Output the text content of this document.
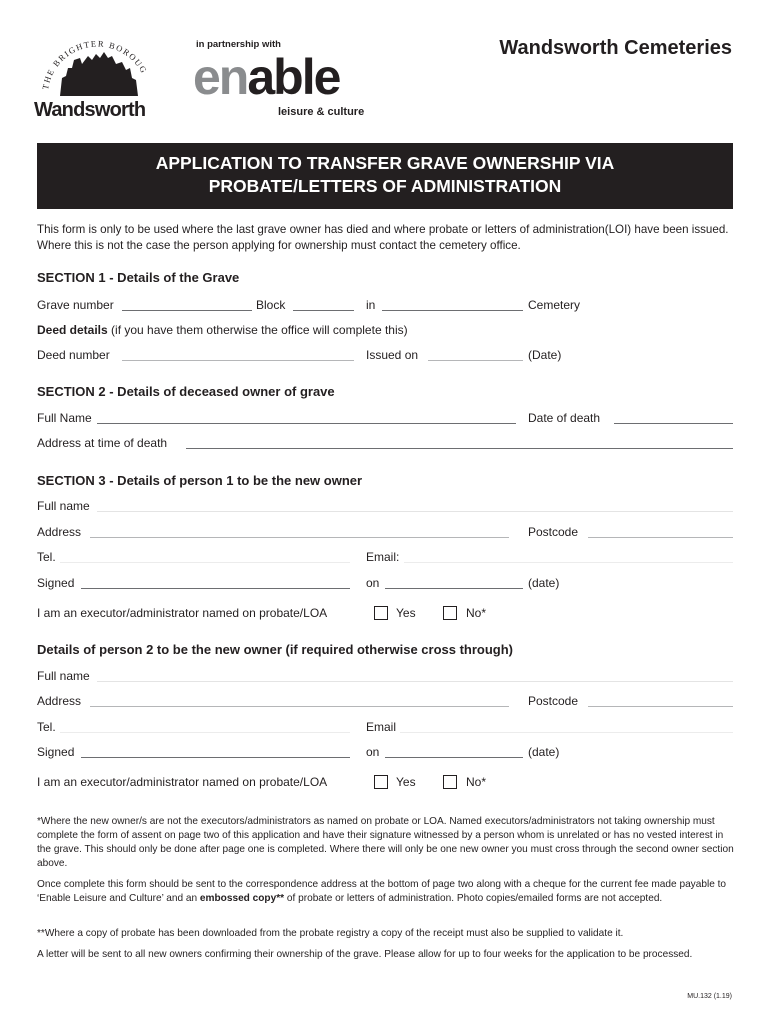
THE BRIGHTER BOROUG
Wandsworth
in partnership with
enable
leisure & culture
Wandsworth Cemeteries
APPLICATION TO TRANSFER GRAVE OWNERSHIP VIA
PROBATE/LETTERS OF ADMINISTRATION
This form is only to be used where the last grave owner has died and where probate or letters of administration(LOI) have been issued. Where this is not the case the person applying for ownership must contact the cemetery office.
SECTION 1 - Details of the Grave
Grave number	Block	in	Cemetery
Deed details (if you have them otherwise the office will complete this)
Deed number	Issued on	(Date)
SECTION 2 - Details of deceased owner of grave
Full Name	Date of death
Address at time of death
SECTION 3 - Details of person 1 to be the new owner
Full name
Address	Postcode
Tel.	Email:
Signed	on	(date)
I am an executor/administrator named on probate/LOA	Yes	No*
Details of person 2 to be the new owner (if required otherwise cross through)
Full name
Address	Postcode
Tel.	Email
Signed	on	(date)
I am an executor/administrator named on probate/LOA	Yes	No*
*Where the new owner/s are not the executors/administrators as named on probate or LOA. Named executors/administrators not taking ownership must complete the form of assent on page two of this application and have their signature witnessed by a person whom is unrelated or has no vested interest in the grave. This should only be done after page one is completed. Where there will only be one new owner you must cross through the second owner section above.
Once complete this form should be sent to the correspondence address at the bottom of page two along with a cheque for the current fee made payable to ‘Enable Leisure and Culture’ and an embossed copy** of probate or letters of administration. Photo copies/emailed forms are not accepted.
**Where a copy of probate has been downloaded from the probate registry a copy of the receipt must also be supplied to validate it.
A letter will be sent to all new owners confirming their ownership of the grave. Please allow for up to four weeks for the application to be processed.
MU.132 (1.19)
